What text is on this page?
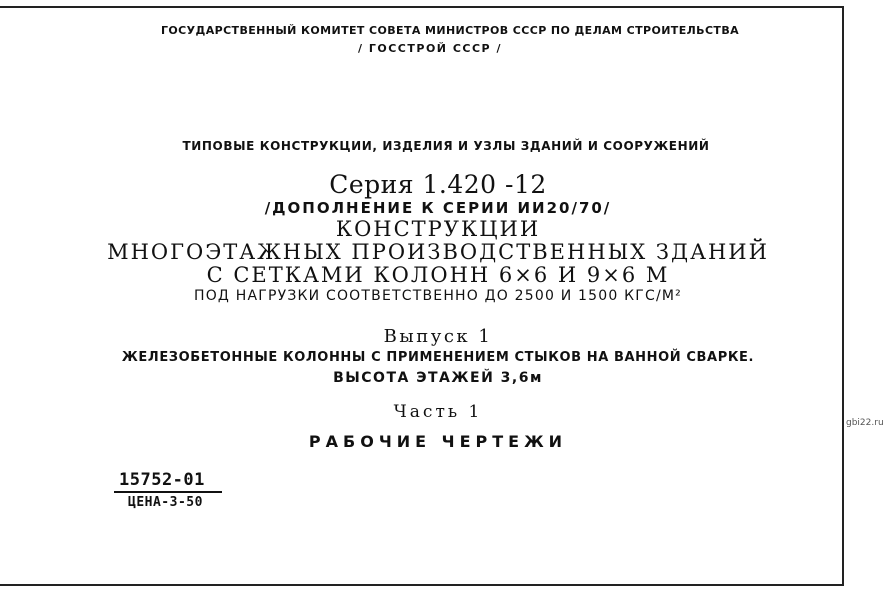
ГОСУДАРСТВЕННЫЙ КОМИТЕТ СОВЕТА МИНИСТРОВ СССР ПО ДЕЛАМ СТРОИТЕЛЬСТВА
/ ГОССТРОЙ СССР /
ТИПОВЫЕ КОНСТРУКЦИИ, ИЗДЕЛИЯ И УЗЛЫ ЗДАНИЙ И СООРУЖЕНИЙ
Серия 1.420 -12
/ДОПОЛНЕНИЕ К СЕРИИ ИИ20/70/
КОНСТРУКЦИИ
МНОГОЭТАЖНЫХ ПРОИЗВОДСТВЕННЫХ ЗДАНИЙ
С СЕТКАМИ КОЛОНН 6×6 И 9×6 М
ПОД НАГРУЗКИ СООТВЕТСТВЕННО ДО 2500 И 1500 КГС/М²
Выпуск 1
ЖЕЛЕЗОБЕТОННЫЕ КОЛОННЫ С ПРИМЕНЕНИЕМ СТЫКОВ НА ВАННОЙ СВАРКЕ.
ВЫСОТА ЭТАЖЕЙ 3,6м
Часть 1
РАБОЧИЕ ЧЕРТЕЖИ
gbi22.ru
15752-01
ЦЕНА-3-50
